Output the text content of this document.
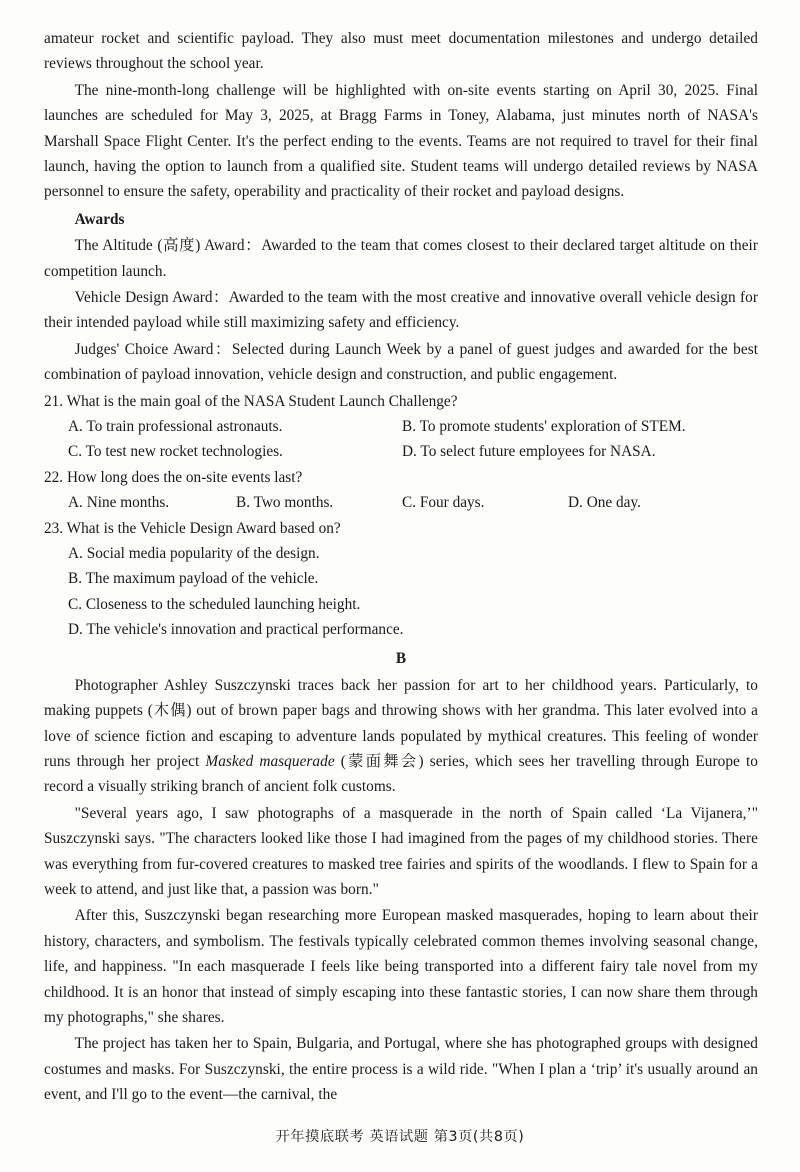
amateur rocket and scientific payload. They also must meet documentation milestones and undergo detailed reviews throughout the school year.

The nine-month-long challenge will be highlighted with on-site events starting on April 30, 2025. Final launches are scheduled for May 3, 2025, at Bragg Farms in Toney, Alabama, just minutes north of NASA's Marshall Space Flight Center. It's the perfect ending to the events. Teams are not required to travel for their final launch, having the option to launch from a qualified site. Student teams will undergo detailed reviews by NASA personnel to ensure the safety, operability and practicality of their rocket and payload designs.

Awards

The Altitude (高度) Award：Awarded to the team that comes closest to their declared target altitude on their competition launch.

Vehicle Design Award：Awarded to the team with the most creative and innovative overall vehicle design for their intended payload while still maximizing safety and efficiency.

Judges' Choice Award：Selected during Launch Week by a panel of guest judges and awarded for the best combination of payload innovation, vehicle design and construction, and public engagement.

21. What is the main goal of the NASA Student Launch Challenge?

A. To train professional astronauts.	B. To promote students' exploration of STEM.
C. To test new rocket technologies.	D. To select future employees for NASA.

22. How long does the on-site events last?

A. Nine months.	B. Two months.	C. Four days.	D. One day.

23. What is the Vehicle Design Award based on?

A. Social media popularity of the design.

B. The maximum payload of the vehicle.

C. Closeness to the scheduled launching height.

D. The vehicle's innovation and practical performance.

B

Photographer Ashley Suszczynski traces back her passion for art to her childhood years. Particularly, to making puppets (木偶) out of brown paper bags and throwing shows with her grandma. This later evolved into a love of science fiction and escaping to adventure lands populated by mythical creatures. This feeling of wonder runs through her project Masked masquerade (蒙面舞会) series, which sees her travelling through Europe to record a visually striking branch of ancient folk customs.

"Several years ago, I saw photographs of a masquerade in the north of Spain called ‘La Vijanera,’" Suszczynski says. "The characters looked like those I had imagined from the pages of my childhood stories. There was everything from fur-covered creatures to masked tree fairies and spirits of the woodlands. I flew to Spain for a week to attend, and just like that, a passion was born."

After this, Suszczynski began researching more European masked masquerades, hoping to learn about their history, characters, and symbolism. The festivals typically celebrated common themes involving seasonal change, life, and happiness. "In each masquerade I feels like being transported into a different fairy tale novel from my childhood. It is an honor that instead of simply escaping into these fantastic stories, I can now share them through my photographs," she shares.

The project has taken her to Spain, Bulgaria, and Portugal, where she has photographed groups with designed costumes and masks. For Suszczynski, the entire process is a wild ride. "When I plan a ‘trip’ it's usually around an event, and I'll go to the event—the carnival, the

开年摸底联考 英语试题 第3页(共8页)
